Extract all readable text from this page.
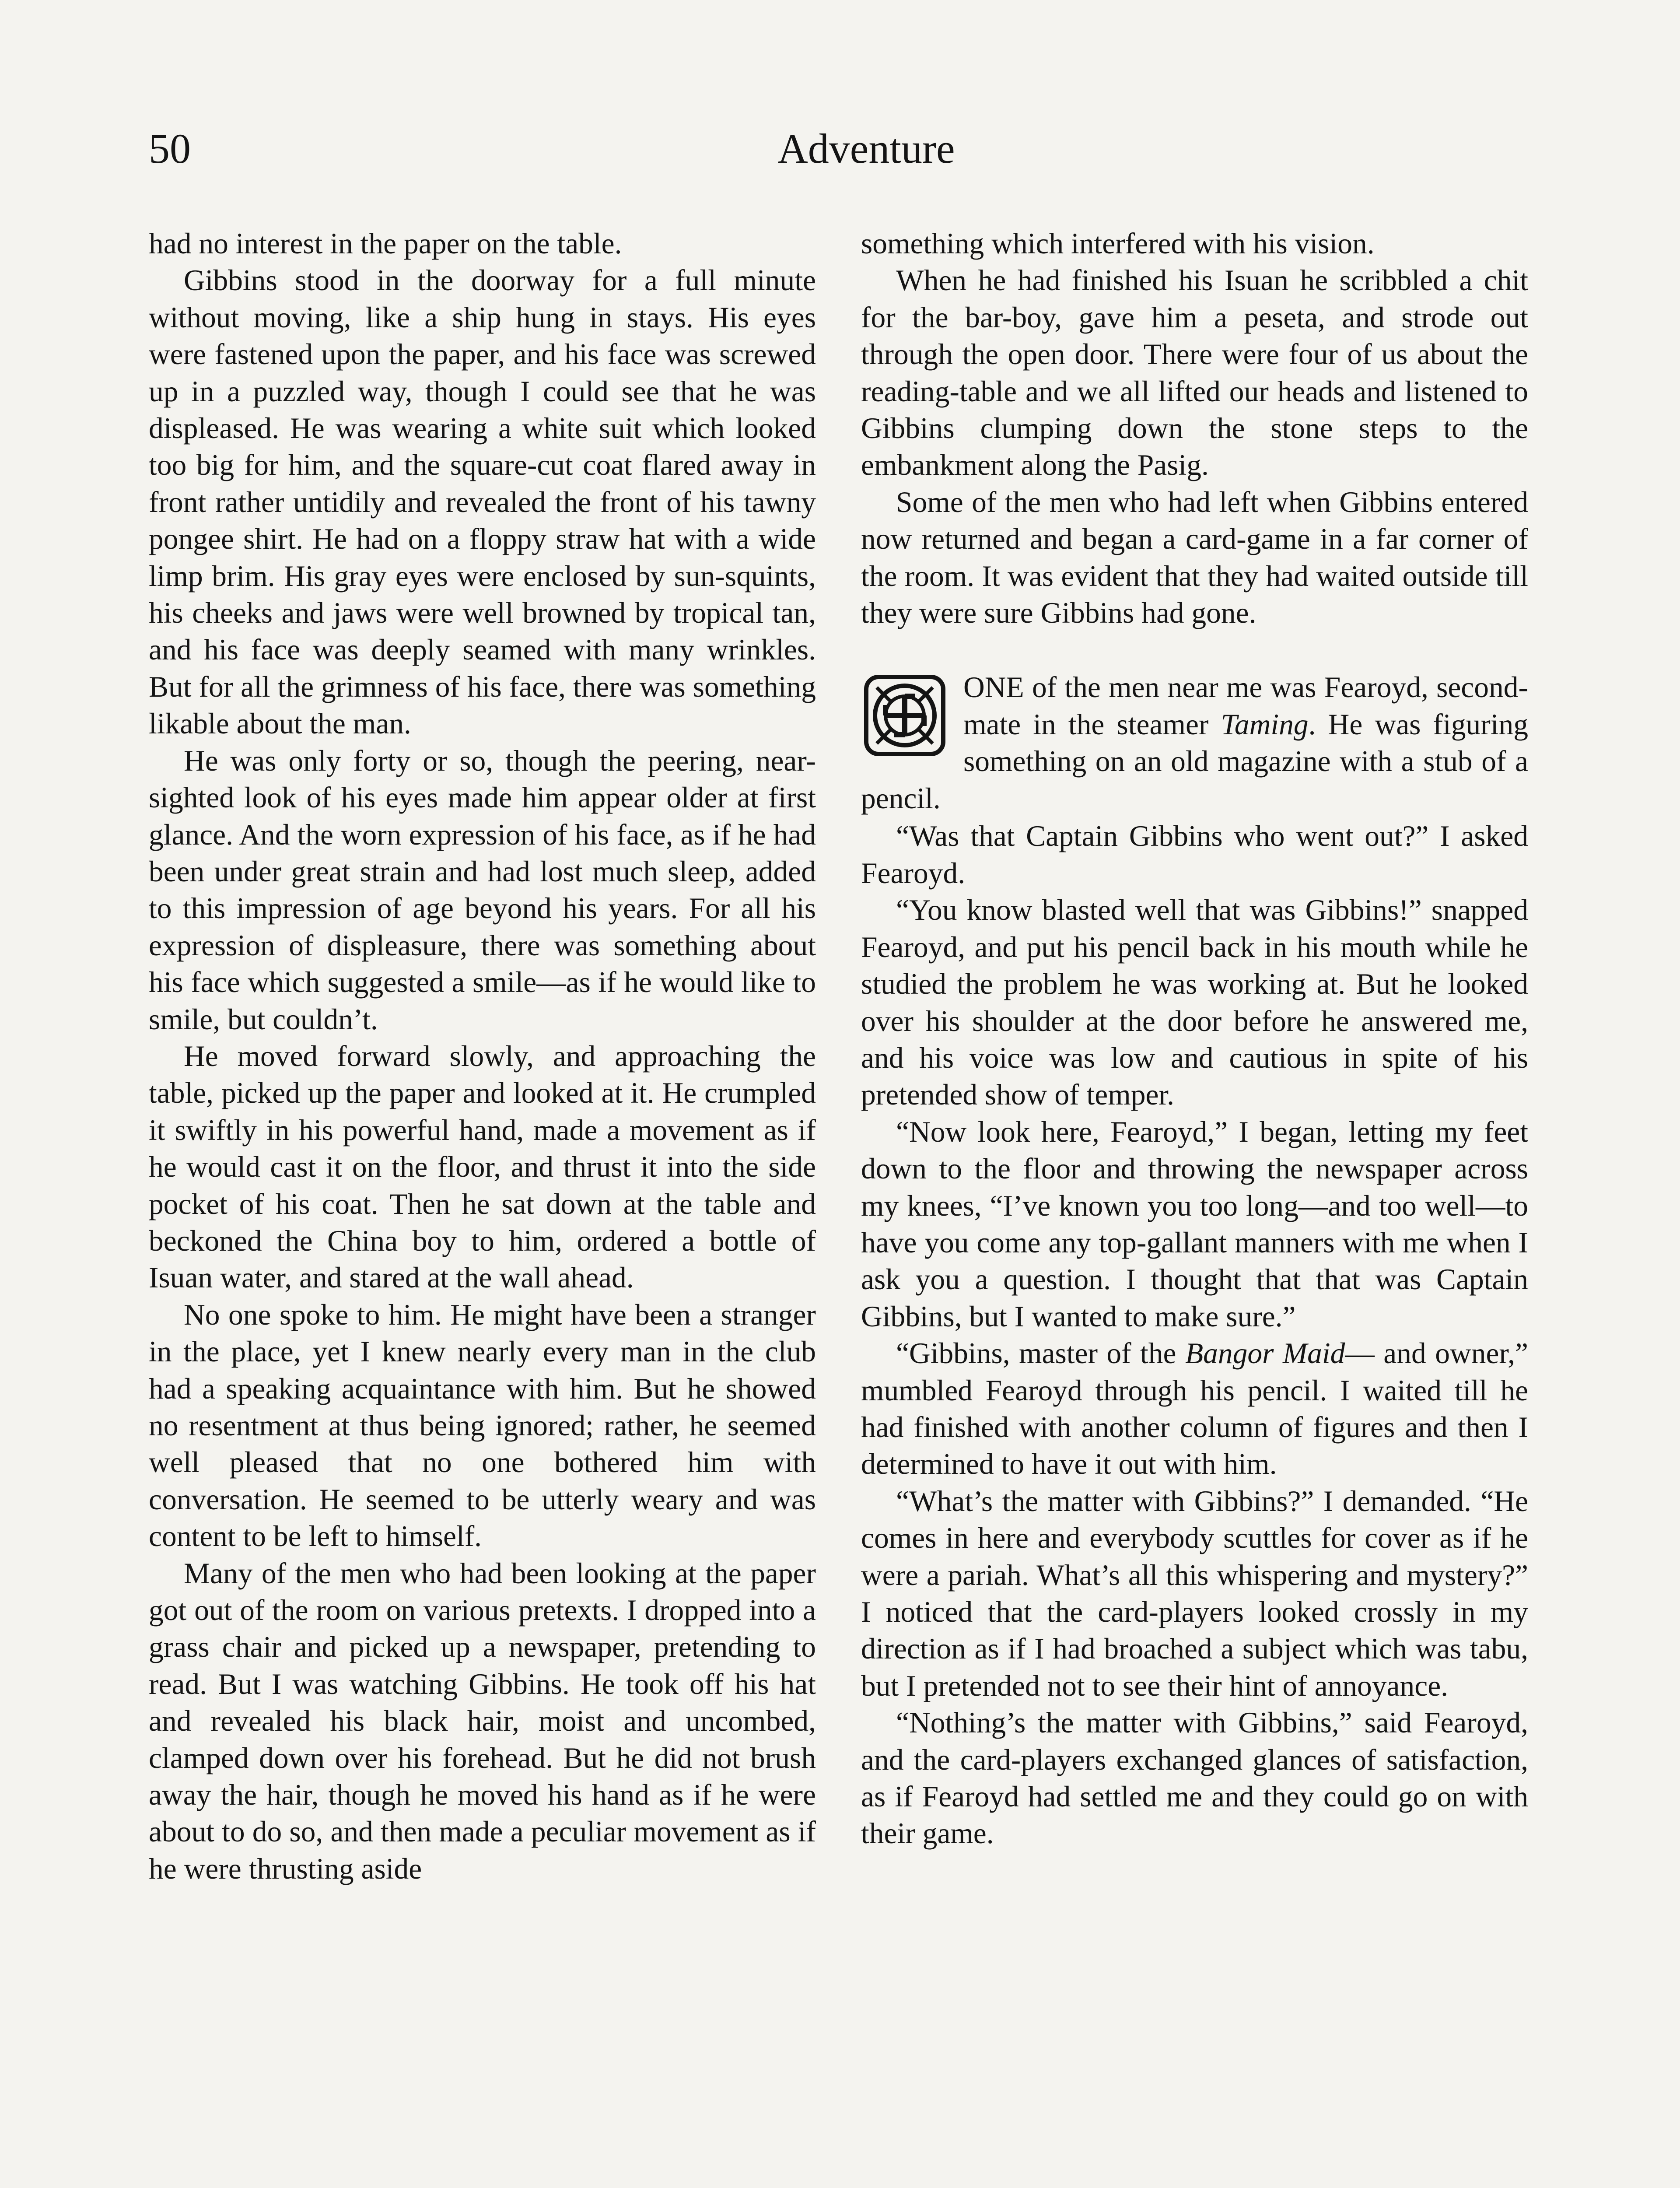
50	Adventure

had no interest in the paper on the table.

Gibbins stood in the doorway for a full minute without moving, like a ship hung in stays. His eyes were fastened upon the paper, and his face was screwed up in a puzzled way, though I could see that he was displeased. He was wearing a white suit which looked too big for him, and the square-cut coat flared away in front rather untidily and revealed the front of his tawny pongee shirt. He had on a floppy straw hat with a wide limp brim. His gray eyes were enclosed by sun-squints, his cheeks and jaws were well browned by tropical tan, and his face was deeply seamed with many wrinkles. But for all the grimness of his face, there was something likable about the man.

He was only forty or so, though the peering, near-sighted look of his eyes made him appear older at first glance. And the worn expression of his face, as if he had been under great strain and had lost much sleep, added to this impression of age beyond his years. For all his expression of displeasure, there was something about his face which suggested a smile—as if he would like to smile, but couldn’t.

He moved forward slowly, and approaching the table, picked up the paper and looked at it. He crumpled it swiftly in his powerful hand, made a movement as if he would cast it on the floor, and thrust it into the side pocket of his coat. Then he sat down at the table and beckoned the China boy to him, ordered a bottle of Isuan water, and stared at the wall ahead.

No one spoke to him. He might have been a stranger in the place, yet I knew nearly every man in the club had a speaking acquaintance with him. But he showed no resentment at thus being ignored; rather, he seemed well pleased that no one bothered him with conversation. He seemed to be utterly weary and was content to be left to himself.

Many of the men who had been looking at the paper got out of the room on various pretexts. I dropped into a grass chair and picked up a newspaper, pretending to read. But I was watching Gibbins. He took off his hat and revealed his black hair, moist and uncombed, clamped down over his forehead. But he did not brush away the hair, though he moved his hand as if he were about to do so, and then made a peculiar movement as if he were thrusting aside

something which interfered with his vision.

When he had finished his Isuan he scribbled a chit for the bar-boy, gave him a peseta, and strode out through the open door. There were four of us about the reading-table and we all lifted our heads and listened to Gibbins clumping down the stone steps to the embankment along the Pasig.

Some of the men who had left when Gibbins entered now returned and began a card-game in a far corner of the room. It was evident that they had waited outside till they were sure Gibbins had gone.

ONE of the men near me was Fearoyd, second-mate in the steamer Taming. He was figuring something on an old magazine with a stub of a pencil.

“Was that Captain Gibbins who went out?” I asked Fearoyd.

“You know blasted well that was Gibbins!” snapped Fearoyd, and put his pencil back in his mouth while he studied the problem he was working at. But he looked over his shoulder at the door before he answered me, and his voice was low and cautious in spite of his pretended show of temper.

“Now look here, Fearoyd,” I began, letting my feet down to the floor and throwing the newspaper across my knees, “I’ve known you too long—and too well—to have you come any top-gallant manners with me when I ask you a question. I thought that that was Captain Gibbins, but I wanted to make sure.”

“Gibbins, master of the Bangor Maid— and owner,” mumbled Fearoyd through his pencil. I waited till he had finished with another column of figures and then I determined to have it out with him.

“What’s the matter with Gibbins?” I demanded. “He comes in here and everybody scuttles for cover as if he were a pariah. What’s all this whispering and mystery?” I noticed that the card-players looked crossly in my direction as if I had broached a subject which was tabu, but I pretended not to see their hint of annoyance.

“Nothing’s the matter with Gibbins,” said Fearoyd, and the card-players exchanged glances of satisfaction, as if Fearoyd had settled me and they could go on with their game.
